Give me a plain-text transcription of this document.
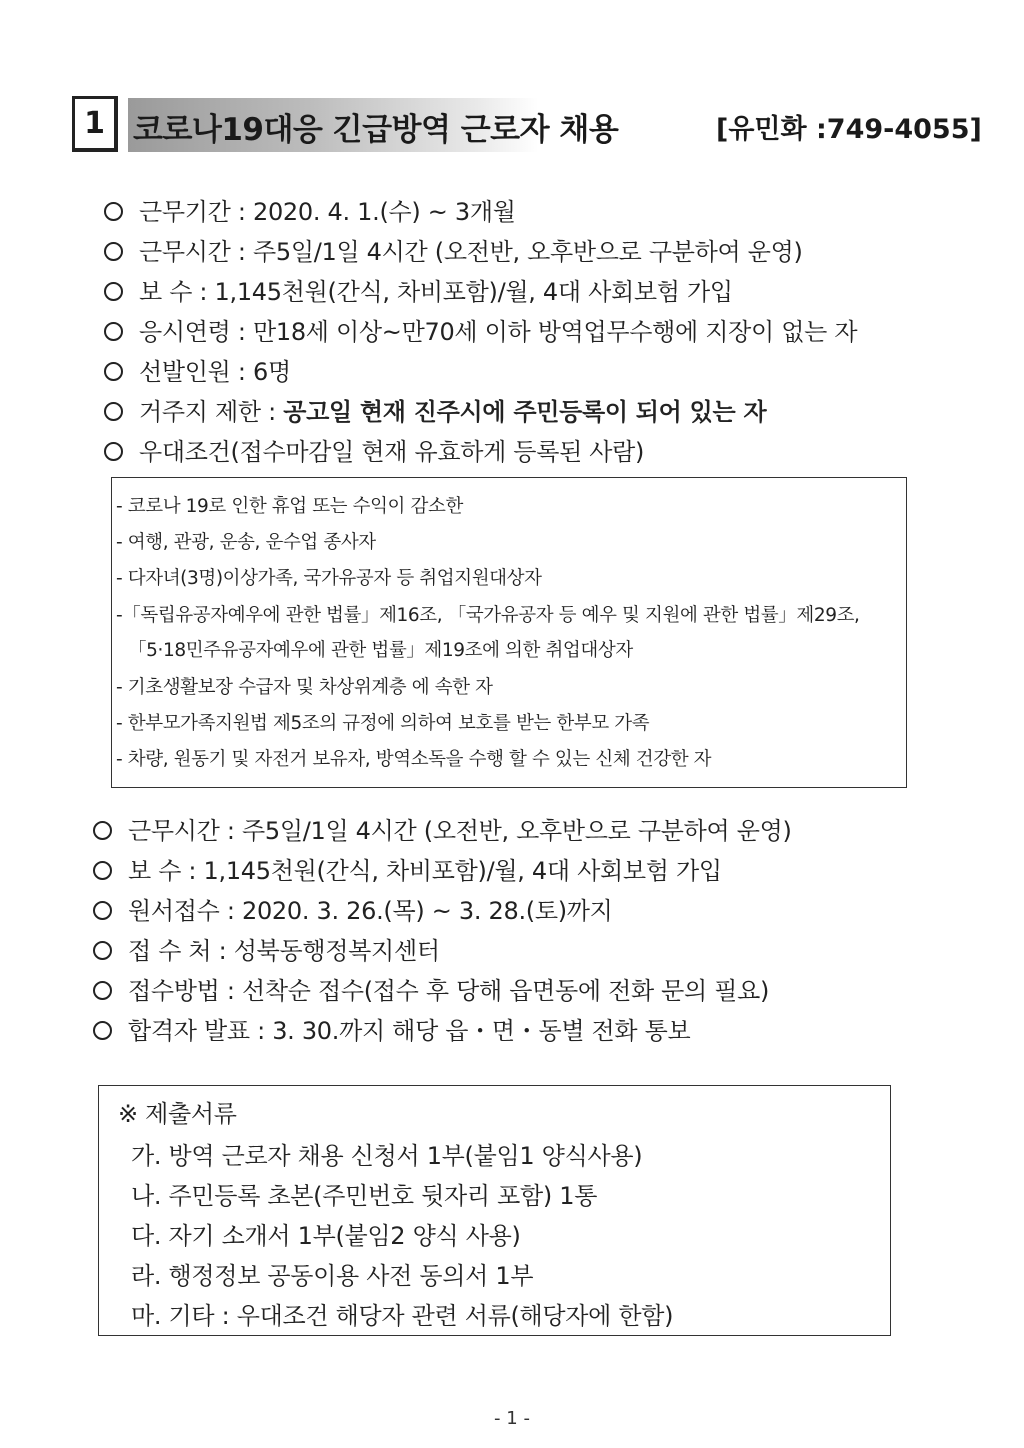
1 코로나19대응 긴급방역 근로자 채용	[유민화 :749-4055]
근무기간 : 2020. 4. 1.(수) ~ 3개월
근무시간 : 주5일/1일 4시간 (오전반, 오후반으로 구분하여 운영)
보 수 : 1,145천원(간식, 차비포함)/월, 4대 사회보험 가입
응시연령 : 만18세 이상~만70세 이하 방역업무수행에 지장이 없는 자
선발인원 : 6명
거주지 제한 : 공고일 현재 진주시에 주민등록이 되어 있는 자
우대조건(접수마감일 현재 유효하게 등록된 사람)
- 코로나 19로 인한 휴업 또는 수익이 감소한
- 여행, 관광, 운송, 운수업 종사자
- 다자녀(3명)이상가족, 국가유공자 등 취업지원대상자
-「독립유공자예우에 관한 법률」제16조, 「국가유공자 등 예우 및 지원에 관한 법률」제29조,
「5·18민주유공자예우에 관한 법률」제19조에 의한 취업대상자
- 기초생활보장 수급자 및 차상위계층 에 속한 자
- 한부모가족지원법 제5조의 규정에 의하여 보호를 받는 한부모 가족
- 차량, 원동기 및 자전거 보유자, 방역소독을 수행 할 수 있는 신체 건강한 자
근무시간 : 주5일/1일 4시간 (오전반, 오후반으로 구분하여 운영)
보 수 : 1,145천원(간식, 차비포함)/월, 4대 사회보험 가입
원서접수 : 2020. 3. 26.(목) ~ 3. 28.(토)까지
접 수 처 : 성북동행정복지센터
접수방법 : 선착순 접수(접수 후 당해 읍면동에 전화 문의 필요)
합격자 발표 : 3. 30.까지 해당 읍・면・동별 전화 통보
※ 제출서류
가. 방역 근로자 채용 신청서 1부(붙임1 양식사용)
나. 주민등록 초본(주민번호 뒷자리 포함) 1통
다. 자기 소개서 1부(붙임2 양식 사용)
라. 행정정보 공동이용 사전 동의서 1부
마. 기타 : 우대조건 해당자 관련 서류(해당자에 한함)
- 1 -
